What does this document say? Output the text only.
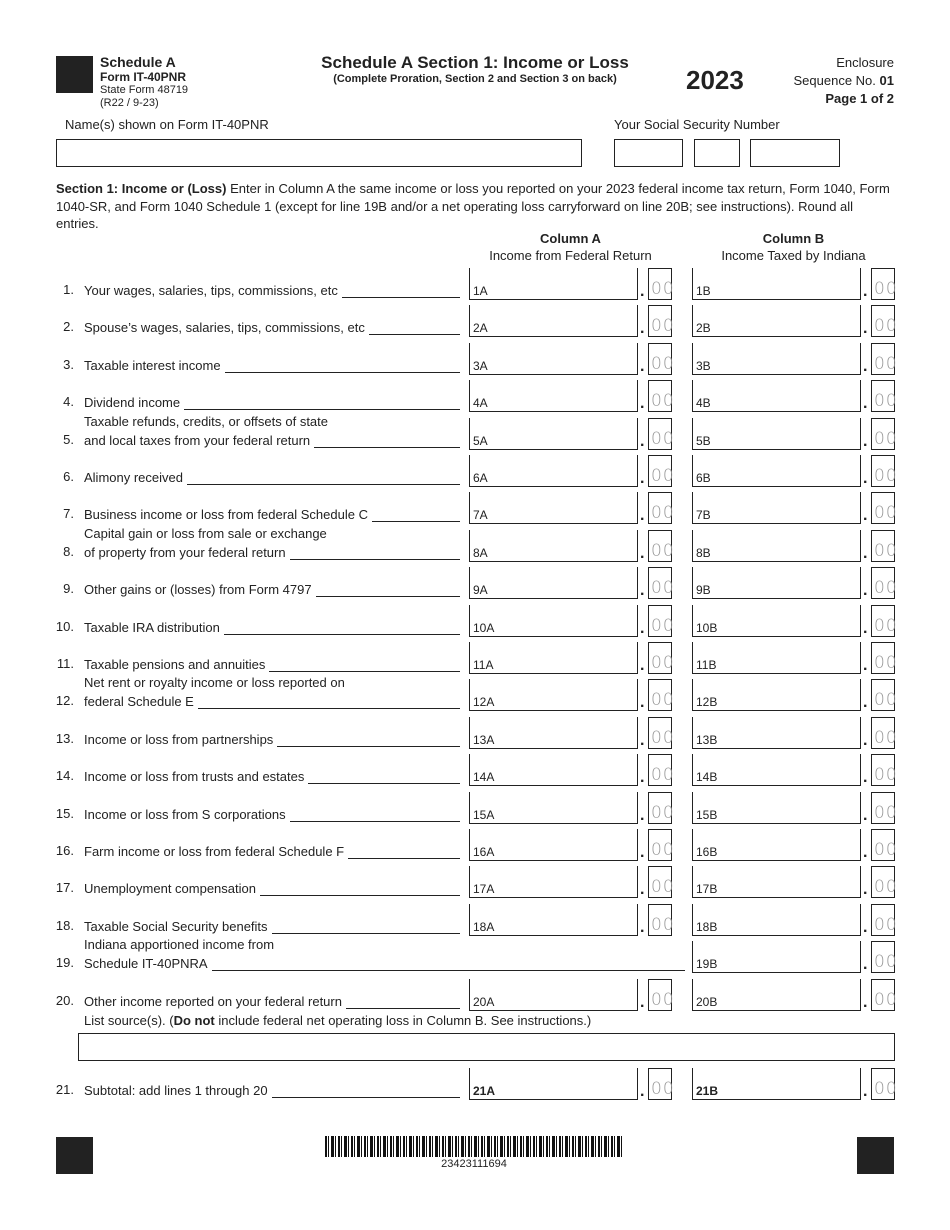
Schedule A
Form IT-40PNR
State Form 48719
(R22 / 9-23)
Schedule A Section 1: Income or Loss
(Complete Proration, Section 2 and Section 3 on back)	2023
Enclosure
Sequence No. 01
Page 1 of 2
Name(s) shown on Form IT-40PNR	Your Social Security Number
Section 1: Income or (Loss) Enter in Column A the same income or loss you reported on your 2023 federal income tax return, Form 1040, Form 1040-SR, and Form 1040 Schedule 1 (except for line 19B and/or a net operating loss carryforward on line 20B; see instructions). Round all entries.
Column A
Income from Federal Return
Column B
Income Taxed by Indiana
1. Your wages, salaries, tips, commissions, etc	1A	. 00 1B	. 00
2. Spouse’s wages, salaries, tips, commissions, etc	2A	. 00 2B	. 00
3. Taxable interest income	3A	. 00 3B	. 00
4. Dividend income	4A	. 00 4B	. 00
5.
Taxable refunds, credits, or offsets of state
and local taxes from your federal return	5A	. 00 5B	. 00
6. Alimony received	6A	. 00 6B	. 00
7. Business income or loss from federal Schedule C	7A	. 00 7B	. 00
8.
Capital gain or loss from sale or exchange
of property from your federal return	8A	. 00 8B	. 00
9. Other gains or (losses) from Form 4797	9A	. 00 9B	. 00
10. Taxable IRA distribution	10A	. 00 10B	. 00
11. Taxable pensions and annuities	11A	. 00 11B	. 00
12.
Net rent or royalty income or loss reported on
federal Schedule E	12A	. 00 12B	. 00
13. Income or loss from partnerships	13A	. 00 13B	. 00
14. Income or loss from trusts and estates	14A	. 00 14B	. 00
15. Income or loss from S corporations	15A	. 00 15B	. 00
16. Farm income or loss from federal Schedule F	16A	. 00 16B	. 00
17. Unemployment compensation	17A	. 00 17B	. 00
18. Taxable Social Security benefits	18A	. 00 18B	. 00
19.
Indiana apportioned income from
Schedule IT-40PNRA	19B	. 00
20. Other income reported on your federal return	20A	. 00 20B	. 00
List source(s). (Do not include federal net operating loss in Column B. See instructions.)
21. Subtotal: add lines 1 through 20	21A	. 00 21B	. 00
23423111694
